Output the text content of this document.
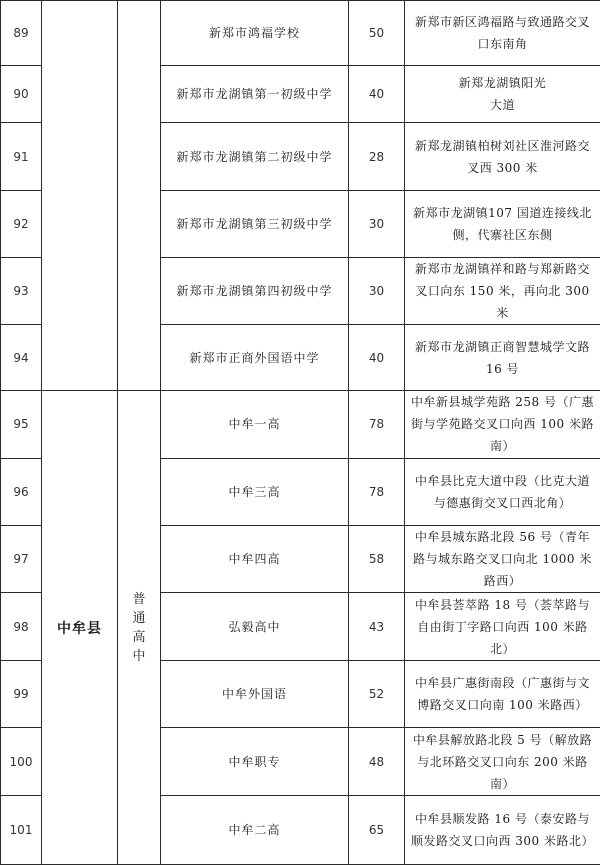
89			新郑市鸿福学校	50	新郑市新区鸿福路与致通路交叉口东南角
90			新郑市龙湖镇第一初级中学	40	新郑龙湖镇阳光
大道
91			新郑市龙湖镇第二初级中学	28	新郑龙湖镇柏树刘社区淮河路交叉西 300 米
92			新郑市龙湖镇第三初级中学	30	新郑市龙湖镇107 国道连接线北侧，代寨社区东侧
93			新郑市龙湖镇第四初级中学	30	新郑市龙湖镇祥和路与郑新路交叉口向东 150 米，再向北 300 米
94			新郑市正商外国语中学	40	新郑市龙湖镇正商智慧城学文路 16 号
95	中牟县	普通高中	中牟一高	78	中牟新县城学苑路 258 号（广惠街与学苑路交叉口向西 100 米路南）
96			中牟三高	78	中牟县比克大道中段（比克大道与德惠街交叉口西北角）
97			中牟四高	58	中牟县城东路北段 56 号（青年路与城东路交叉口向北 1000 米路西）
98			弘毅高中	43	中牟县荟萃路 18 号（荟萃路与自由街丁字路口向西 100 米路北）
99			中牟外国语	52	中牟县广惠街南段（广惠街与文博路交叉口向南 100 米路西）
100			中牟职专	48	中牟县解放路北段 5 号（解放路与北环路交叉口向东 200 米路南）
101			中牟二高	65	中牟县顺发路 16 号（泰安路与顺发路交叉口向西 300 米路北）
